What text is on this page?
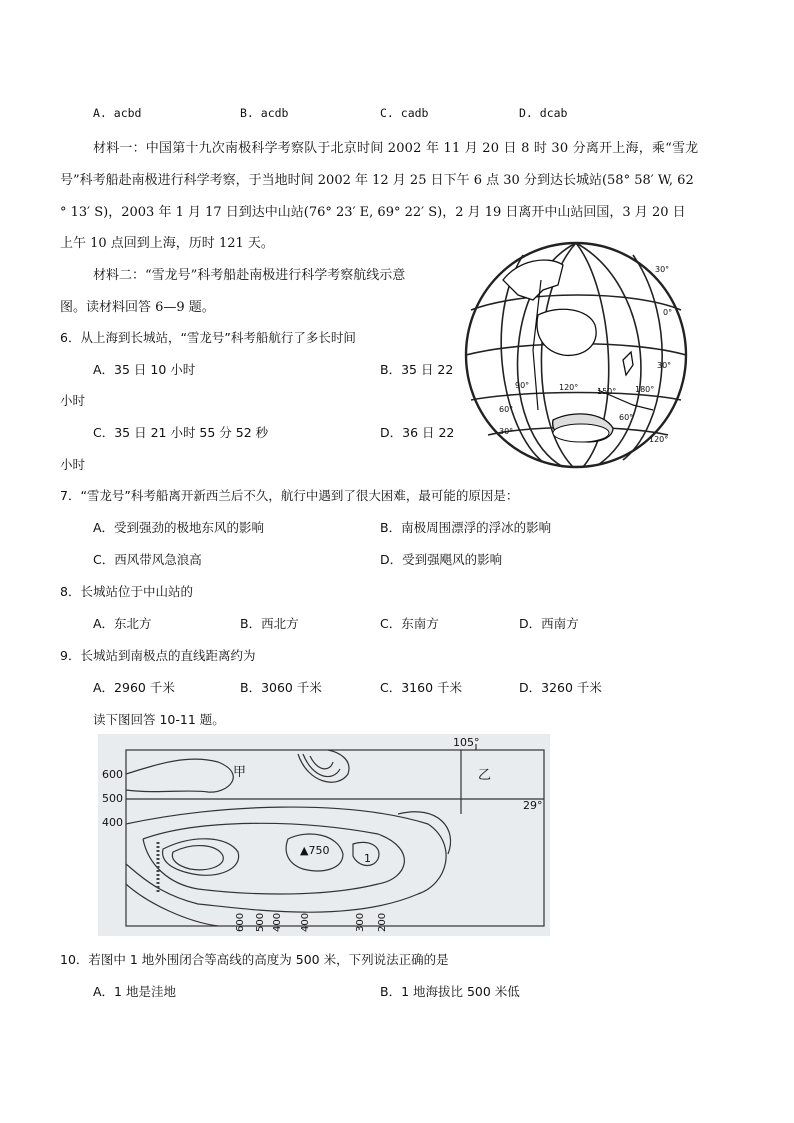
A. acbd	B. acdb	C. cadb	D. dcab
材料一：中国第十九次南极科学考察队于北京时间 2002 年 11 月 20 日 8 时 30 分离开上海，乘“雪龙
号”科考船赴南极进行科学考察，于当地时间 2002 年 12 月 25 日下午 6 点 30 分到达长城站(58° 58′ W, 62
° 13′ S)，2003 年 1 月 17 日到达中山站(76° 23′ E, 69° 22′ S)，2 月 19 日离开中山站回国，3 月 20 日
上午 10 点回到上海，历时 121 天。
材料二：“雪龙号”科考船赴南极进行科学考察航线示意
图。读材料回答 6—9 题。
6．从上海到长城站，“雪龙号”科考船航行了多长时间
A．35 日 10 小时	B．35 日 22
小时
C．35 日 21 小时 55 分 52 秒	D．36 日 22
小时
30°
0°
30°
90°	120° 150° 180°
60°
60°
30°
120°
7．“雪龙号”科考船离开新西兰后不久，航行中遇到了很大困难，最可能的原因是：
A．受到强劲的极地东风的影响	B．南极周围漂浮的浮冰的影响
C．西风带风急浪高	D．受到强飓风的影响
8．长城站位于中山站的
A．东北方	B．西北方	C．东南方	D．西南方
9．长城站到南极点的直线距离约为
A．2960 千米	B．3060 千米	C．3160 千米	D．3260 千米
读下图回答 10-11 题。
105°
甲	乙
29°
600
500
400
▲750
1
600 500 400 400	300 200
10．若图中 1 地外围闭合等高线的高度为 500 米，下列说法正确的是
A．1 地是洼地	B．1 地海拔比 500 米低
